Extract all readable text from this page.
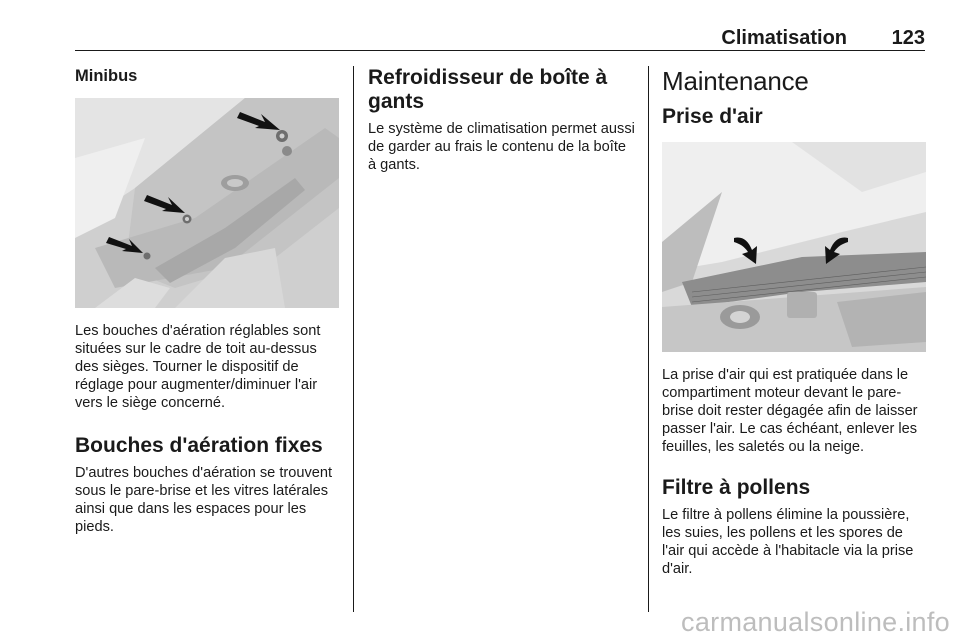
Climatisation 123
Minibus

Les bouches d'aération réglables sont situées sur le cadre de toit au-dessus des sièges. Tourner le dispositif de réglage pour augmenter/diminuer l'air vers le siège concerné.

Bouches d'aération fixes

D'autres bouches d'aération se trouvent sous le pare-brise et les vitres latérales ainsi que dans les espaces pour les pieds.

Refroidisseur de boîte à gants

Le système de climatisation permet aussi de garder au frais le contenu de la boîte à gants.

Maintenance
Prise d'air

La prise d'air qui est pratiquée dans le compartiment moteur devant le pare-brise doit rester dégagée afin de laisser passer l'air. Le cas échéant, enlever les feuilles, les saletés ou la neige.

Filtre à pollens

Le filtre à pollens élimine la poussière, les suies, les pollens et les spores de l'air qui accède à l'habitacle via la prise d'air.

carmanualsonline.info
